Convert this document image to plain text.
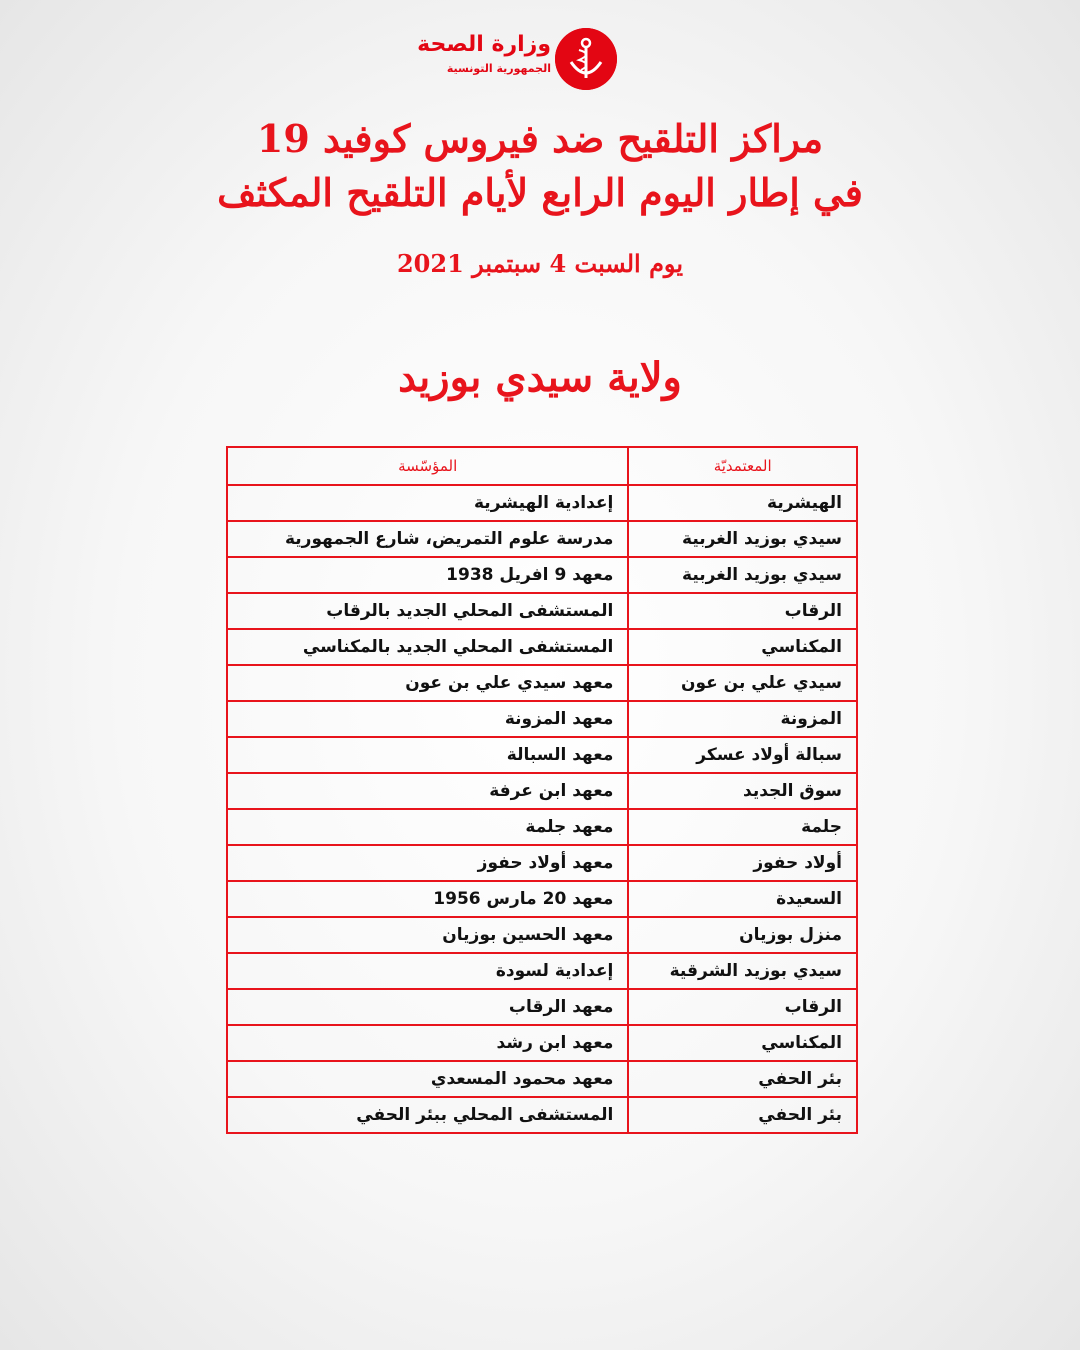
وزارة الصحة
الجمهورية التونسية
مراكز التلقيح ضد فيروس كوفيد 19
في إطار اليوم الرابع لأيام التلقيح المكثف
يوم السبت 4 سبتمبر 2021
ولاية سيدي بوزيد
المعتمديّة	المؤسّسة
الهيشرية	إعدادية الهيشرية
سيدي بوزيد الغربية	مدرسة علوم التمريض، شارع الجمهورية
سيدي بوزيد الغربية	معهد 9 افريل 1938
الرقاب	المستشفى المحلي الجديد بالرقاب
المكناسي	المستشفى المحلي الجديد بالمكناسي
سيدي علي بن عون	معهد سيدي علي بن عون
المزونة	معهد المزونة
سبالة أولاد عسكر	معهد السبالة
سوق الجديد	معهد ابن عرفة
جلمة	معهد جلمة
أولاد حفوز	معهد أولاد حفوز
السعيدة	معهد 20 مارس 1956
منزل بوزيان	معهد الحسين بوزيان
سيدي بوزيد الشرقية	إعدادية لسودة
الرقاب	معهد الرقاب
المكناسي	معهد ابن رشد
بئر الحفي	معهد محمود المسعدي
بئر الحفي	المستشفى المحلي ببئر الحفي
